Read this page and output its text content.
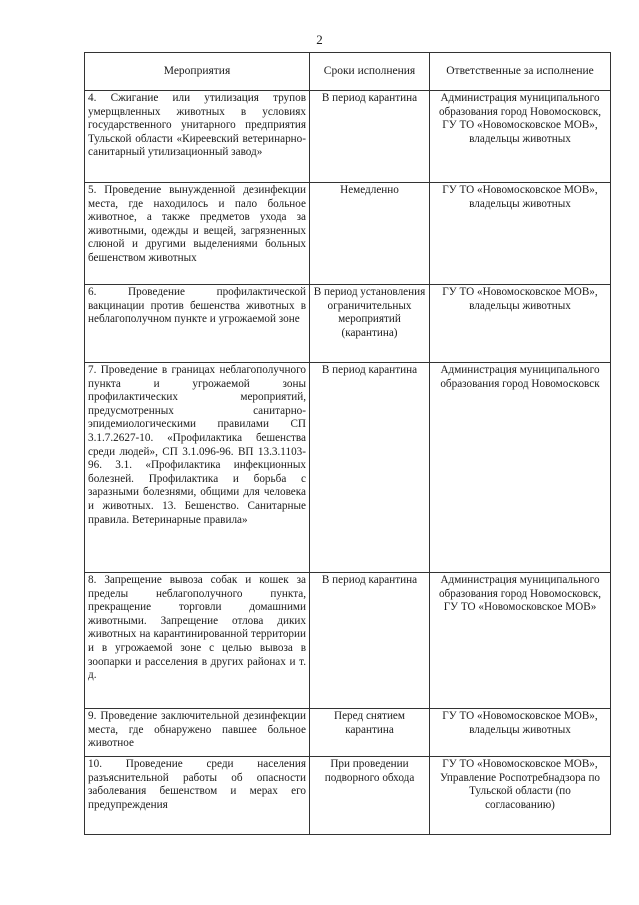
2
Мероприятия	Сроки исполнения	Ответственные за исполнение
4. Сжигание или утилизация трупов умерщвленных животных в условиях государственного унитарного предприятия Тульской области «Киреевский ветеринарно-санитарный утилизационный завод»	В период карантина	Администрация муниципального образования город Новомосковск, ГУ ТО «Новомосковское МОВ», владельцы животных
5. Проведение вынужденной дезинфекции места, где находилось и пало больное животное, а также предметов ухода за животными, одежды и вещей, загрязненных слюной и другими выделениями больных бешенством животных	Немедленно	ГУ ТО «Новомосковское МОВ», владельцы животных
6. Проведение профилактической вакцинации против бешенства животных в неблагополучном пункте и угрожаемой зоне	В период установления ограничительных мероприятий (карантина)	ГУ ТО «Новомосковское МОВ», владельцы животных
7. Проведение в границах неблагополучного пункта и угрожаемой зоны профилактических мероприятий, предусмотренных санитарно-эпидемиологическими правилами СП 3.1.7.2627-10. «Профилактика бешенства среди людей», СП 3.1.096-96. ВП 13.3.1103-96. 3.1. «Профилактика инфекционных болезней. Профилактика и борьба с заразными болезнями, общими для человека и животных. 13. Бешенство. Санитарные правила. Ветеринарные правила»	В период карантина	Администрация муниципального образования город Новомосковск
8. Запрещение вывоза собак и кошек за пределы неблагополучного пункта, прекращение торговли домашними животными. Запрещение отлова диких животных на карантинированной территории и в угрожаемой зоне с целью вывоза в зоопарки и расселения в других районах и т. д.	В период карантина	Администрация муниципального образования город Новомосковск, ГУ ТО «Новомосковское МОВ»
9. Проведение заключительной дезинфекции места, где обнаружено павшее больное животное	Перед снятием карантина	ГУ ТО «Новомосковское МОВ», владельцы животных
10. Проведение среди населения разъяснительной работы об опасности заболевания бешенством и мерах его предупреждения	При проведении подворного обхода	ГУ ТО «Новомосковское МОВ», Управление Роспотребнадзора по Тульской области (по согласованию)
